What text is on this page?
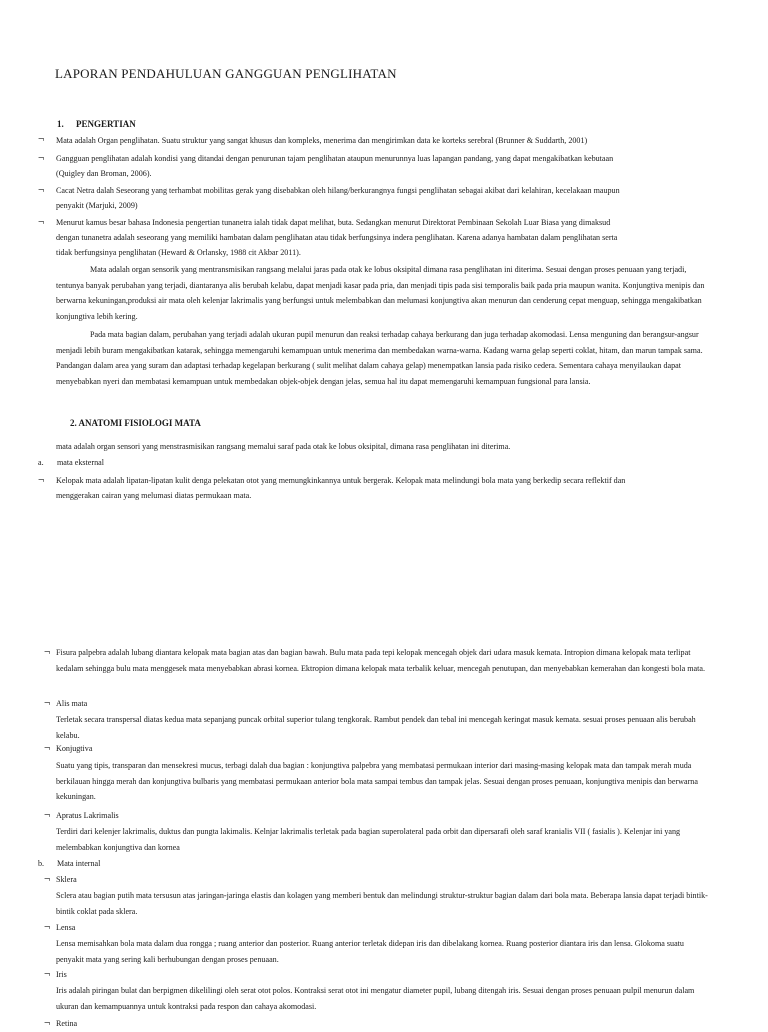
LAPORAN PENDAHULUAN GANGGUAN PENGLIHATAN
1. PENGERTIAN
¬ Mata adalah Organ penglihatan. Suatu struktur yang sangat khusus dan kompleks, menerima dan mengirimkan data ke korteks serebral (Brunner & Suddarth, 2001)
¬ Gangguan penglihatan adalah kondisi yang ditandai dengan penurunan tajam penglihatan ataupun menurunnya luas lapangan pandang, yang dapat mengakibatkan kebutaan
(Quigley dan Broman, 2006).
¬ Cacat Netra dalah Seseorang yang terhambat mobilitas gerak yang disebabkan oleh hilang/berkurangnya fungsi penglihatan sebagai akibat dari kelahiran, kecelakaan maupun
penyakit (Marjuki, 2009)
¬ Menurut kamus besar bahasa Indonesia pengertian tunanetra ialah tidak dapat melihat, buta. Sedangkan menurut Direktorat Pembinaan Sekolah Luar Biasa yang dimaksud
dengan tunanetra adalah seseorang yang memiliki hambatan dalam penglihatan atau tidak berfungsinya indera penglihatan. Karena adanya hambatan dalam penglihatan serta
tidak berfungsinya penglihatan (Heward & Orlansky, 1988 cit Akbar 2011).
Mata adalah organ sensorik yang mentransmisikan rangsang melalui jaras pada otak ke lobus oksipital dimana rasa penglihatan ini diterima. Sesuai dengan proses penuaan yang terjadi, tentunya banyak perubahan yang terjadi, diantaranya alis berubah kelabu, dapat menjadi kasar pada pria, dan menjadi tipis pada sisi temporalis baik pada pria maupun wanita. Konjungtiva menipis dan berwarna kekuningan,produksi air mata oleh kelenjar lakrimalis yang berfungsi untuk melembabkan dan melumasi konjungtiva akan menurun dan cenderung cepat menguap, sehingga mengakibatkan konjungtiva lebih kering.
Pada mata bagian dalam, perubahan yang terjadi adalah ukuran pupil menurun dan reaksi terhadap cahaya berkurang dan juga terhadap akomodasi. Lensa menguning dan berangsur-angsur menjadi lebih buram mengakibatkan katarak, sehingga memengaruhi kemampuan untuk menerima dan membedakan warna-warna. Kadang warna gelap seperti coklat, hitam, dan marun tampak sama. Pandangan dalam area yang suram dan adaptasi terhadap kegelapan berkurang ( sulit melihat dalam cahaya gelap) menempatkan lansia pada risiko cedera. Sementara cahaya menyilaukan dapat menyebabkan nyeri dan membatasi kemampuan untuk membedakan objek-objek dengan jelas, semua hal itu dapat memengaruhi kemampuan fungsional para lansia.
2. ANATOMI FISIOLOGI MATA
mata adalah organ sensori yang menstrasmisikan rangsang memalui saraf pada otak ke lobus oksipital, dimana rasa penglihatan ini diterima.
a. mata eksternal
¬ Kelopak mata adalah lipatan-lipatan kulit denga pelekatan otot yang memungkinkannya untuk bergerak. Kelopak mata melindungi bola mata yang berkedip secara reflektif dan
menggerakan cairan yang melumasi diatas permukaan mata.
¬ Fisura palpebra adalah lubang diantara kelopak mata bagian atas dan bagian bawah. Bulu mata pada tepi kelopak mencegah objek dari udara masuk kemata. Intropion dimana kelopak mata terlipat kedalam sehingga bulu mata menggesek mata menyebabkan abrasi kornea. Ektropion dimana kelopak mata terbalik keluar, mencegah penutupan, dan menyebabkan kemerahan dan kongesti bola mata.
¬ Alis mata
Terletak secara transpersal diatas kedua mata sepanjang puncak orbital superior tulang tengkorak. Rambut pendek dan tebal ini mencegah keringat masuk kemata. sesuai proses penuaan alis berubah kelabu.
¬ Konjugtiva
Suatu yang tipis, transparan dan mensekresi mucus, terbagi dalah dua bagian : konjungtiva palpebra yang membatasi permukaan interior dari masing-masing kelopak mata dan tampak merah muda berkilauan hingga merah dan konjungtiva bulbaris yang membatasi permukaan anterior bola mata sampai tembus dan tampak jelas. Sesuai dengan proses penuaan, konjungtiva menipis dan berwarna kekuningan.
¬ Apratus Lakrimalis
Terdiri dari kelenjer lakrimalis, duktus dan pungta lakimalis. Kelnjar lakrimalis terletak pada bagian superolateral pada orbit dan dipersarafi oleh saraf kranialis VII ( fasialis ). Kelenjar ini yang melembabkan konjungtiva dan kornea
b. Mata internal
¬ Sklera
Sclera atau bagian putih mata tersusun atas jaringan-jaringa elastis dan kolagen yang memberi bentuk dan melindungi struktur-struktur bagian dalam dari bola mata. Beberapa lansia dapat terjadi bintik-bintik coklat pada sklera.
¬ Lensa
Lensa memisahkan bola mata dalam dua rongga ; ruang anterior dan posterior. Ruang anterior terletak didepan iris dan dibelakang kornea. Ruang posterior diantara iris dan lensa. Glokoma suatu penyakit mata yang sering kali berhubungan dengan proses penuaan.
¬ Iris
Iris adalah piringan bulat dan berpigmen dikelilingi oleh serat otot polos. Kontraksi serat otot ini mengatur diameter pupil, lubang ditengah iris. Sesuai dengan proses penuaan pulpil menurun dalam ukuran dan kemampuannya untuk kontraksi pada respon dan cahaya akomodasi.
¬ Retina
